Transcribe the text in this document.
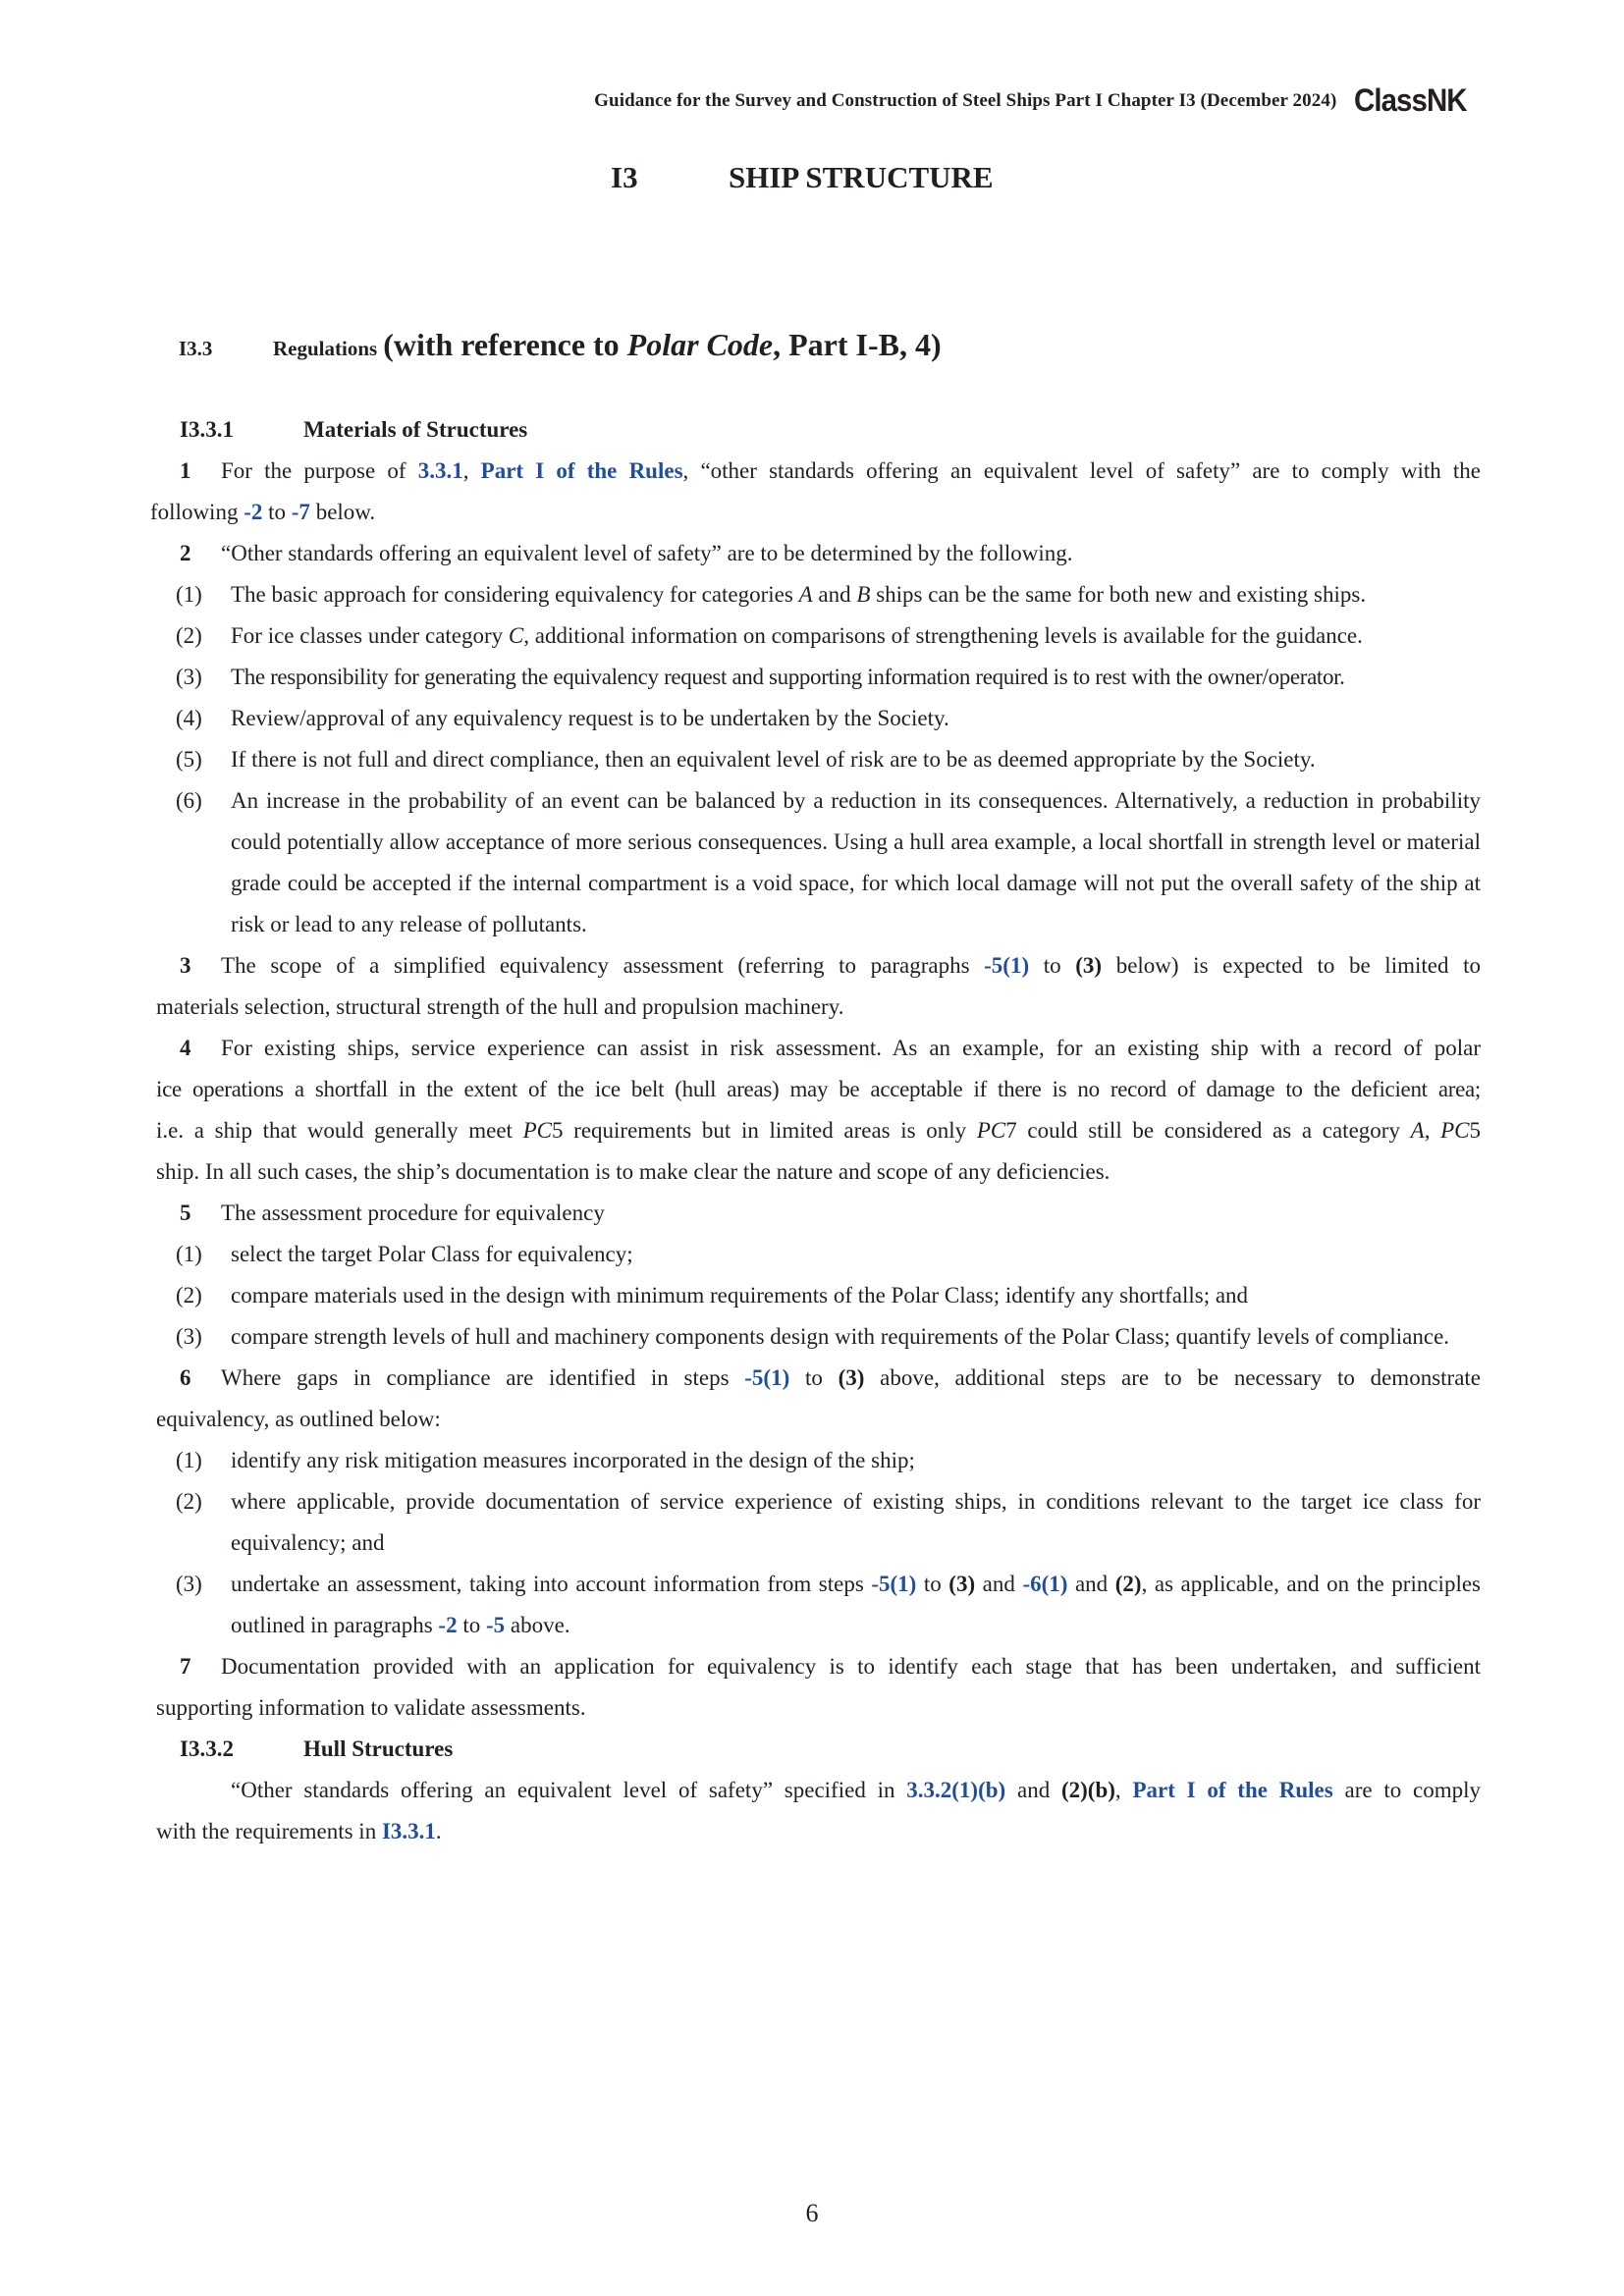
Guidance for the Survey and Construction of Steel Ships Part I Chapter I3 (December 2024) ClassNK
I3	SHIP STRUCTURE
I3.3	Regulations (with reference to Polar Code, Part I-B, 4)
I3.3.1	Materials of Structures
1 For the purpose of 3.3.1, Part I of the Rules, “other standards offering an equivalent level of safety” are to comply with the
following -2 to -7 below.
2 “Other standards offering an equivalent level of safety” are to be determined by the following.
(1)	The basic approach for considering equivalency for categories A and B ships can be the same for both new and existing ships.
(2)	For ice classes under category C, additional information on comparisons of strengthening levels is available for the guidance.
(3)	The responsibility for generating the equivalency request and supporting information required is to rest with the owner/operator.
(4)	Review/approval of any equivalency request is to be undertaken by the Society.
(5)	If there is not full and direct compliance, then an equivalent level of risk are to be as deemed appropriate by the Society.
(6)	An increase in the probability of an event can be balanced by a reduction in its consequences. Alternatively, a reduction in probability could potentially allow acceptance of more serious consequences. Using a hull area example, a local shortfall in strength level or material grade could be accepted if the internal compartment is a void space, for which local damage will not put the overall safety of the ship at risk or lead to any release of pollutants.
3 The scope of a simplified equivalency assessment (referring to paragraphs -5(1) to (3) below) is expected to be limited to
materials selection, structural strength of the hull and propulsion machinery.
4 For existing ships, service experience can assist in risk assessment. As an example, for an existing ship with a record of polar
ice operations a shortfall in the extent of the ice belt (hull areas) may be acceptable if there is no record of damage to the deficient area;
i.e. a ship that would generally meet PC5 requirements but in limited areas is only PC7 could still be considered as a category A, PC5
ship. In all such cases, the ship’s documentation is to make clear the nature and scope of any deficiencies.
5 The assessment procedure for equivalency
(1)	select the target Polar Class for equivalency;
(2)	compare materials used in the design with minimum requirements of the Polar Class; identify any shortfalls; and
(3)	compare strength levels of hull and machinery components design with requirements of the Polar Class; quantify levels of compliance.
6 Where gaps in compliance are identified in steps -5(1) to (3) above, additional steps are to be necessary to demonstrate
equivalency, as outlined below:
(1)	identify any risk mitigation measures incorporated in the design of the ship;
(2)	where applicable, provide documentation of service experience of existing ships, in conditions relevant to the target ice class for equivalency; and
(3)	undertake an assessment, taking into account information from steps -5(1) to (3) and -6(1) and (2), as applicable, and on the principles outlined in paragraphs -2 to -5 above.
7 Documentation provided with an application for equivalency is to identify each stage that has been undertaken, and sufficient
supporting information to validate assessments.
I3.3.2	Hull Structures
“Other standards offering an equivalent level of safety” specified in 3.3.2(1)(b) and (2)(b), Part I of the Rules are to comply
with the requirements in I3.3.1.
6
